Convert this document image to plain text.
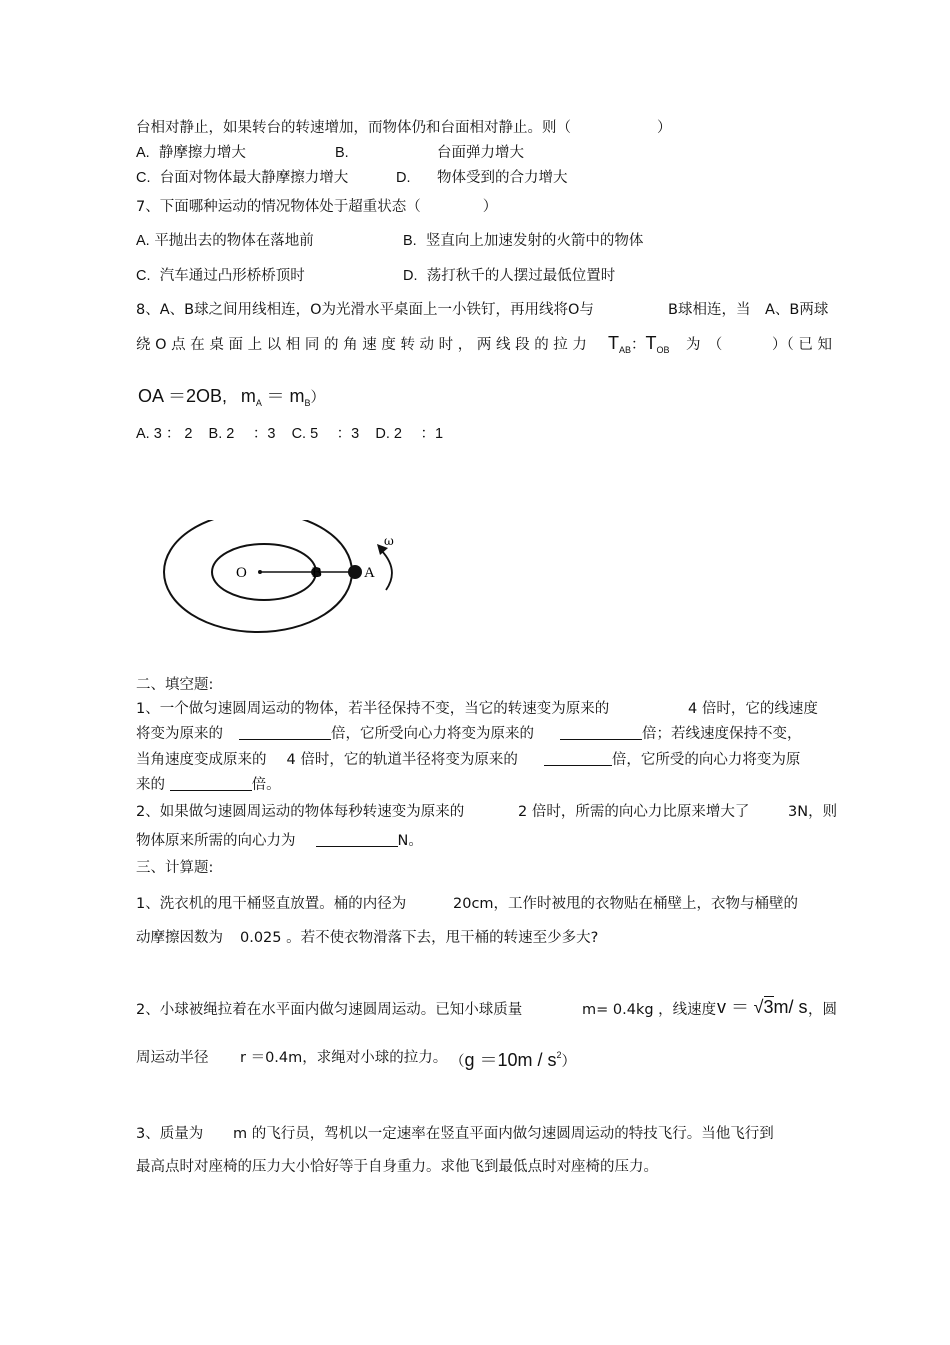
台相对静止，如果转台的转速增加，而物体仍和台面相对静止。则（	）
A. 静摩擦力增大	B.	台面弹力增大
C. 台面对物体最大静摩擦力增大	D. 物体受到的合力增大
7、下面哪种运动的情况物体处于超重状态（	）
A. 平抛出去的物体在落地前	B. 竖直向上加速发射的火箭中的物体
C. 汽车通过凸形桥桥顶时	D. 荡打秋千的人摆过最低位置时
8、A、B球之间用线相连，O为光滑水平桌面上一小铁钉，再用线将O与	B球相连，当　A、B两球
绕 O 点 在 桌 面 上 以 相 同 的 角 速 度 转 动 时 ， 两 线 段 的 拉 力 $T_{AB}$：$T_{OB}$ 为　（	）（ 已 知
OA ＝2OB, $m_A = m_B$）
A. 3 ： 2 B. 2 　：3 C. 5 　：3 D. 2 　：1
O	B	A
ω
二、填空题:
1、一个做匀速圆周运动的物体，若半径保持不变，当它的转速变为原来的	4 倍时，它的线速度
将变为原来的	倍，它所受向心力将变为原来的	倍；若线速度保持不变，
当角速度变成原来的 4 倍时，它的轨道半径将变为原来的	倍，它所受的向心力将变为原
来的	倍。
2、如果做匀速圆周运动的物体每秒转速变为原来的	2 倍时，所需的向心力比原来增大了	3N，则
物体原来所需的向心力为	N。
三、计算题:
1、洗衣机的甩干桶竖直放置。桶的内径为	20cm，工作时被甩的衣物贴在桶壁上，衣物与桶壁的
动摩擦因数为 0.025 。若不使衣物滑落下去，甩干桶的转速至少多大?
2、小球被绳拉着在水平面内做匀速圆周运动。已知小球质量	m= 0.4kg ，线速度 v ＝ √3m/ s ，圆
周运动半径 r ＝0.4m，求绳对小球的拉力。 $(g =10m / s^2)$
3、质量为 m 的飞行员，驾机以一定速率在竖直平面内做匀速圆周运动的特技飞行。当他飞行到
最高点时对座椅的压力大小恰好等于自身重力。求他飞到最低点时对座椅的压力。
